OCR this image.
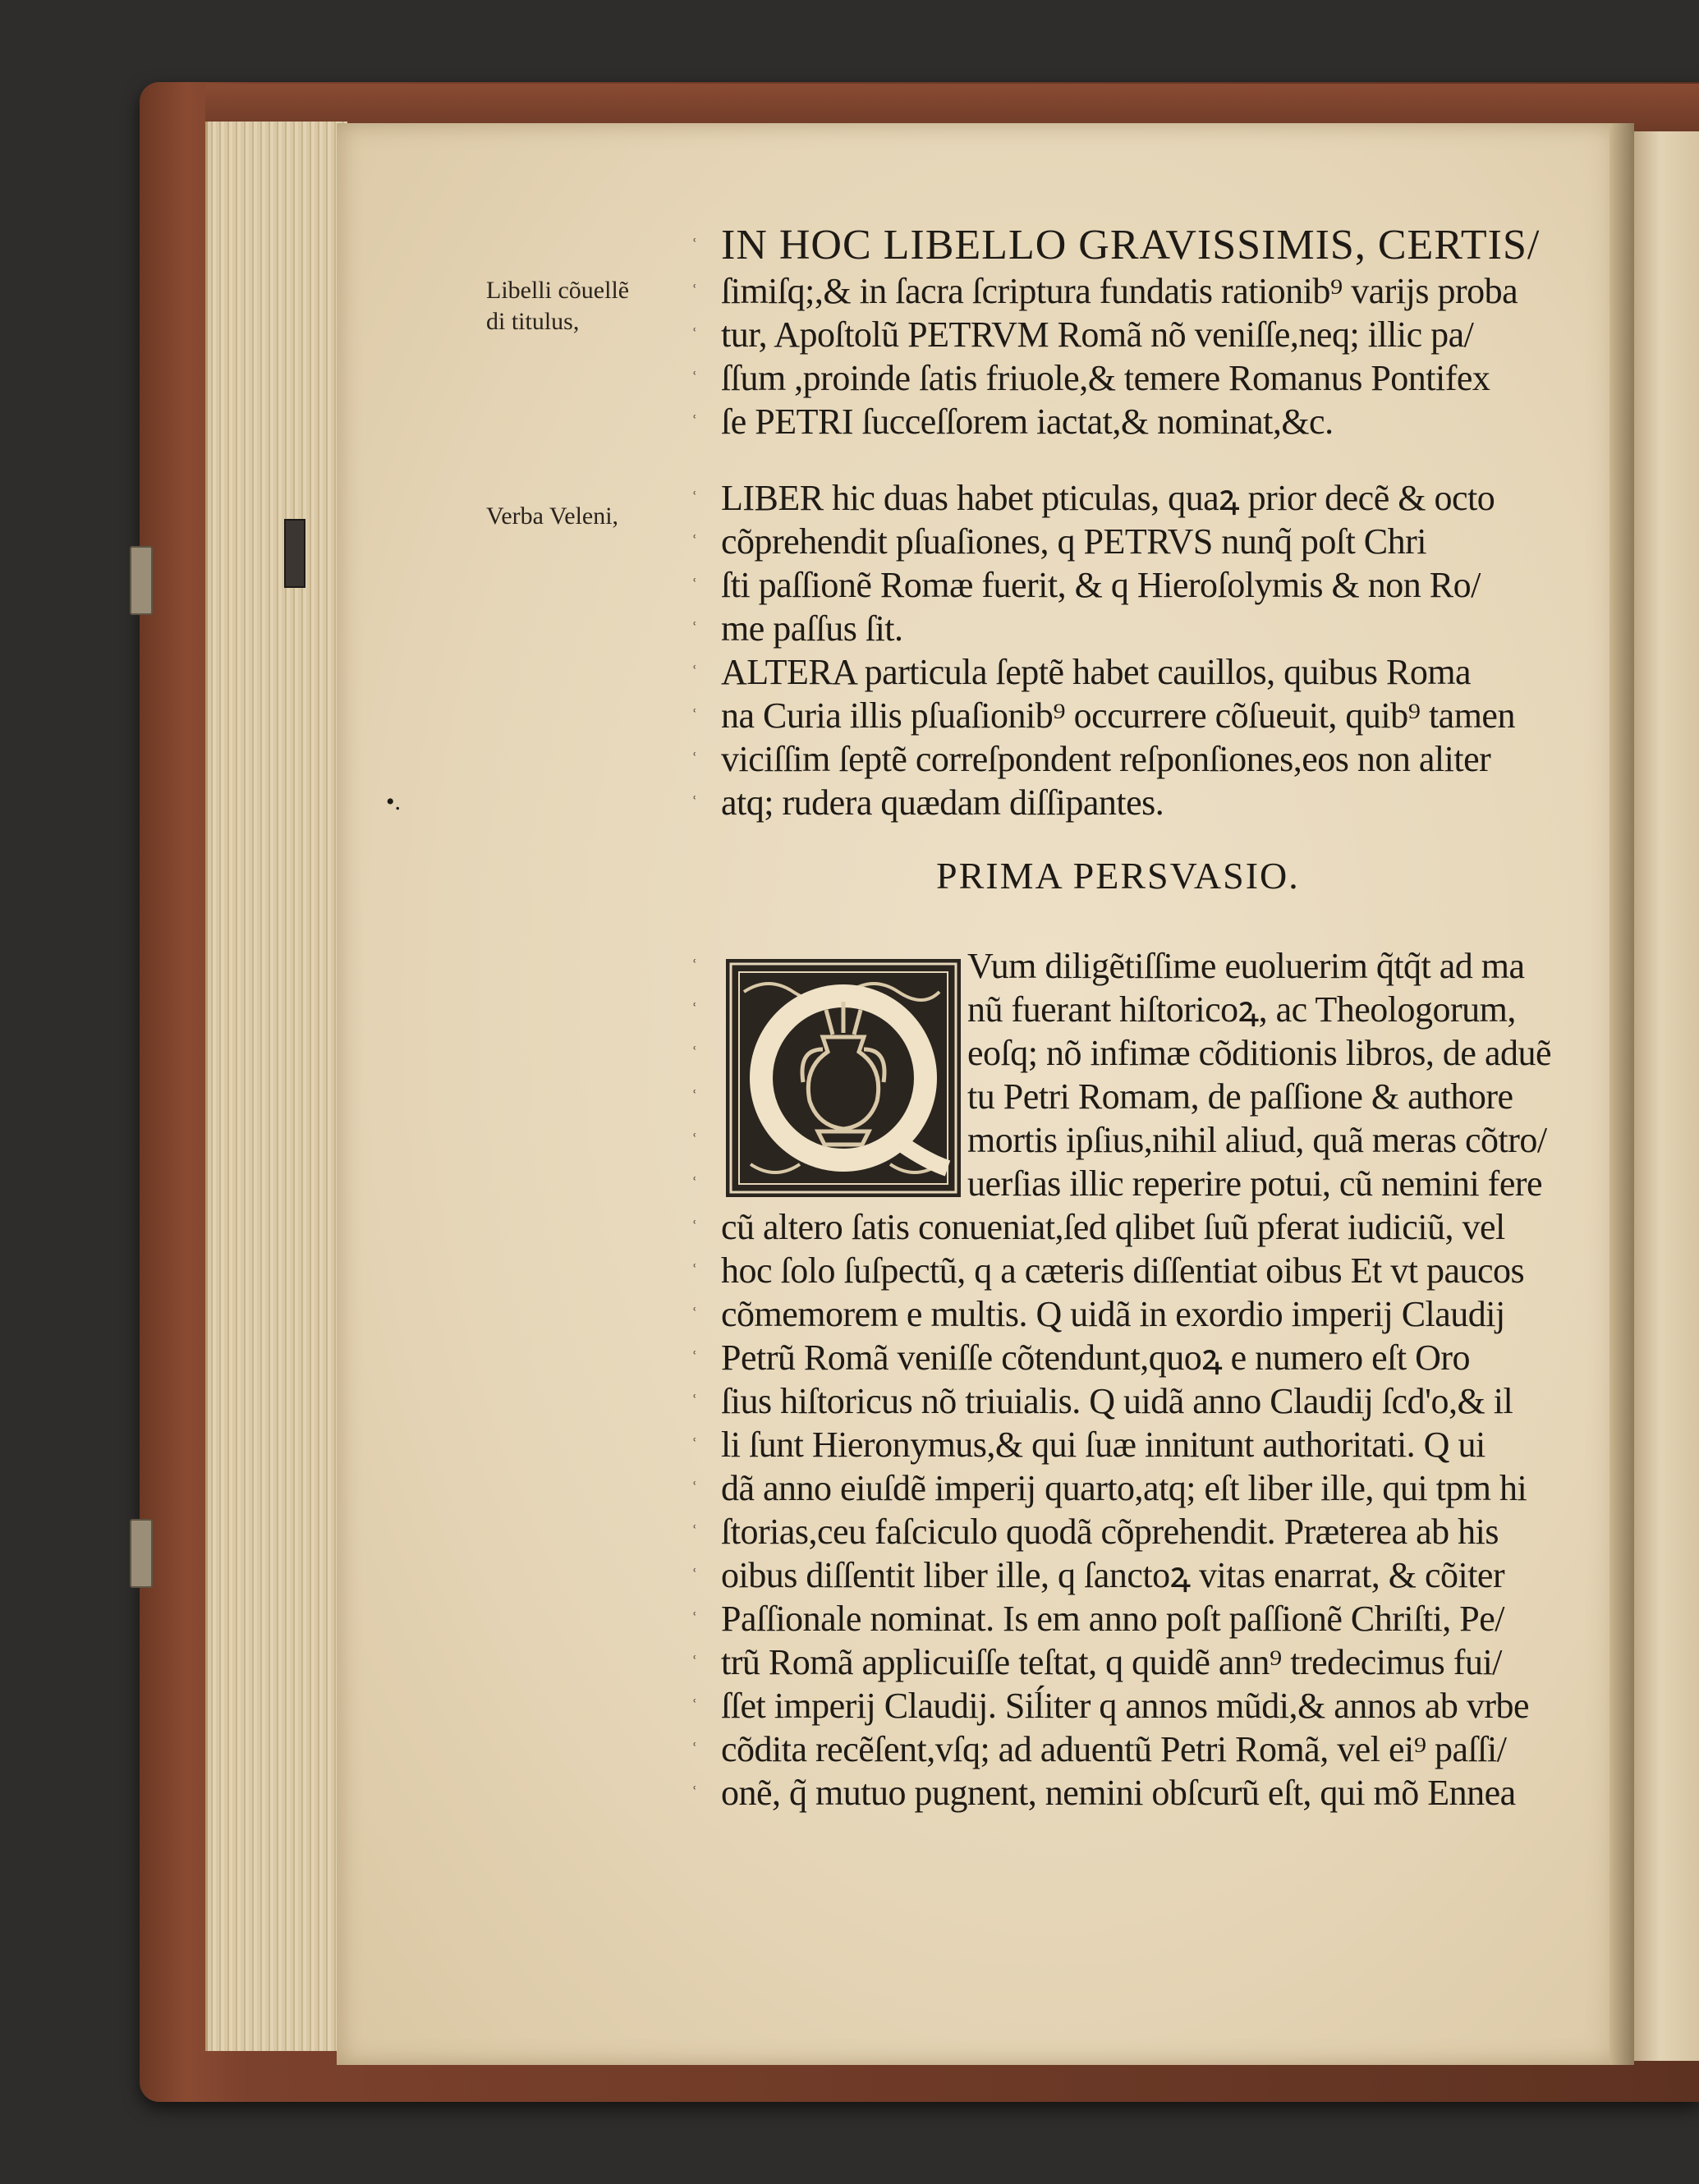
Libelli cõuellẽ
di titulus,
Verba Veleni,
•.
IN HOC LIBELLO GRAVISSIMIS, CERTIS/
ſimiſq;,& in ſacra ſcriptura fundatis rationib⁹ varijs proba
tur, Apoſtolũ PETRVM Romã nõ veniſſe,neq; illic pa/
ſſum ,proinde ſatis friuole,& temere Romanus Pontifex
ſe PETRI ſucceſſorem iactat,& nominat,&c.
LIBER hic duas habet pticulas, quaꝝ prior decẽ & octo
cõprehendit pſuaſiones, q PETRVS nunq̃ poſt Chri
ſti paſſionẽ Romæ fuerit, & q Hieroſolymis & non Ro/
me paſſus ſit.
ALTERA particula ſeptẽ habet cauillos, quibus Roma
na Curia illis pſuaſionib⁹ occurrere cõſueuit, quib⁹ tamen
viciſſim ſeptẽ correſpondent reſponſiones,eos non aliter
atq; rudera quædam diſſipantes.
PRIMA PERSVASIO.
Vum diligẽtiſſime euoluerim q̃tq̃t ad ma
nũ fuerant hiſtoricoꝝ, ac Theologorum,
eoſq; nõ infimæ cõditionis libros, de aduẽ
tu Petri Romam, de paſſione & authore
mortis ipſius,nihil aliud, quã meras cõtro/
uerſias illic reperire potui, cũ nemini fere
cũ altero ſatis conueniat,ſed qlibet ſuũ pferat iudiciũ, vel
hoc ſolo ſuſpectũ, q a cæteris diſſentiat oibus Et vt paucos
cõmemorem e multis. Q uidã in exordio imperij Claudij
Petrũ Romã veniſſe cõtendunt,quoꝝ e numero eſt Oro
ſius hiſtoricus nõ triuialis. Q uidã anno Claudij ſcd'o,& il
li ſunt Hieronymus,& qui ſuæ innitunt authoritati. Q ui
dã anno eiuſdẽ imperij quarto,atq; eſt liber ille, qui tpm hi
ſtorias,ceu faſciculo quodã cõprehendit. Præterea ab his
oibus diſſentit liber ille, q ſanctoꝝ vitas enarrat, & cõiter
Paſſionale nominat. Is em anno poſt paſſionẽ Chriſti, Pe/
trũ Romã applicuiſſe teſtat, q quidẽ ann⁹ tredecimus fui/
ſſet imperij Claudij. Siĺiter q annos mũdi,& annos ab vrbe
cõdita recẽſent,vſq; ad aduentũ Petri Romã, vel ei⁹ paſſi/
onẽ, q̃ mutuo pugnent, nemini obſcurũ eſt, qui mõ Ennea
ʿ
ʿ
ʿ
ʿ
ʿ
ʿ
ʿ
ʿ
ʿ
ʿ
ʿ
ʿ
ʿ
ʿ
ʿ
ʿ
ʿ
ʿ
ʿ
ʿ
ʿ
ʿ
ʿ
ʿ
ʿ
ʿ
ʿ
ʿ
ʿ
ʿ
ʿ
ʿ
ʿ
